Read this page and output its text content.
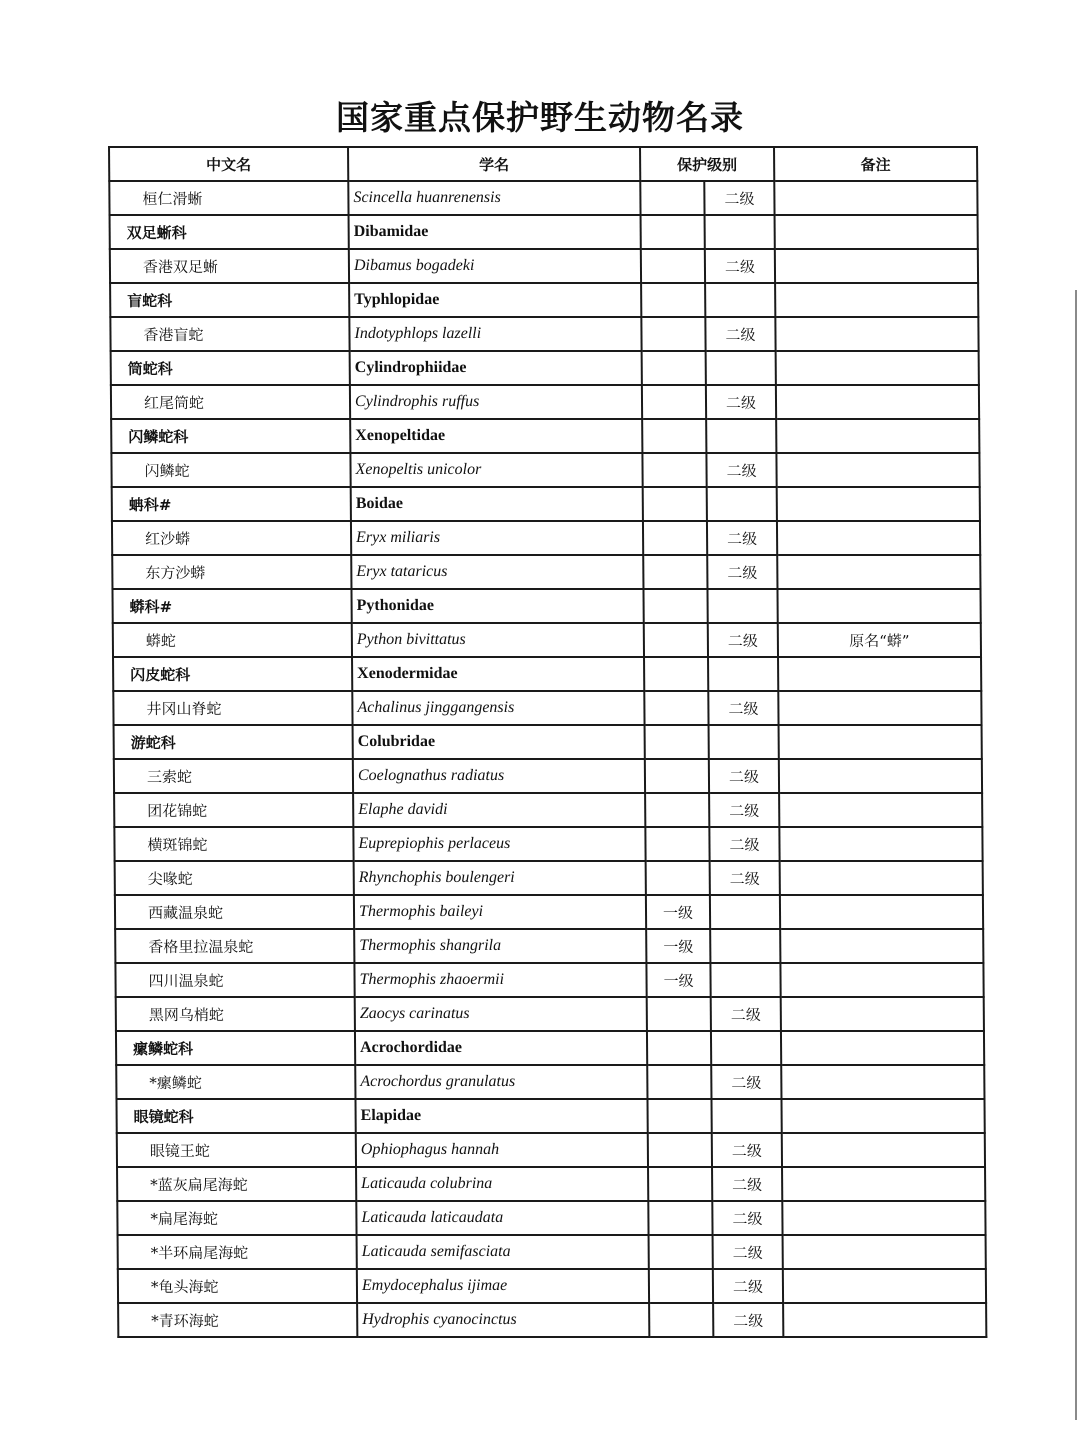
国家重点保护野生动物名录
中文名	学名	保护级别		备注
桓仁滑蜥	Scincella huanrenensis		二级	
双足蜥科	Dibamidae			
香港双足蜥	Dibamus bogadeki		二级	
盲蛇科	Typhlopidae			
香港盲蛇	Indotyphlops lazelli		二级	
筒蛇科	Cylindrophiidae			
红尾筒蛇	Cylindrophis ruffus		二级	
闪鳞蛇科	Xenopeltidae			
闪鳞蛇	Xenopeltis unicolor		二级	
蚺科#	Boidae			
红沙蟒	Eryx miliaris		二级	
东方沙蟒	Eryx tataricus		二级	
蟒科#	Pythonidae			
蟒蛇	Python bivittatus		二级	原名“蟒”
闪皮蛇科	Xenodermidae			
井冈山脊蛇	Achalinus jinggangensis		二级	
游蛇科	Colubridae			
三索蛇	Coelognathus radiatus		二级	
团花锦蛇	Elaphe davidi		二级	
横斑锦蛇	Euprepiophis perlaceus		二级	
尖喙蛇	Rhynchophis boulengeri		二级	
西藏温泉蛇	Thermophis baileyi	一级		
香格里拉温泉蛇	Thermophis shangrila	一级		
四川温泉蛇	Thermophis zhaoermii	一级		
黑网乌梢蛇	Zaocys carinatus		二级	
瘰鳞蛇科	Acrochordidae			
*瘰鳞蛇	Acrochordus granulatus		二级	
眼镜蛇科	Elapidae			
眼镜王蛇	Ophiophagus hannah		二级	
*蓝灰扁尾海蛇	Laticauda colubrina		二级	
*扁尾海蛇	Laticauda laticaudata		二级	
*半环扁尾海蛇	Laticauda semifasciata		二级	
*龟头海蛇	Emydocephalus ijimae		二级	
*青环海蛇	Hydrophis cyanocinctus		二级	
